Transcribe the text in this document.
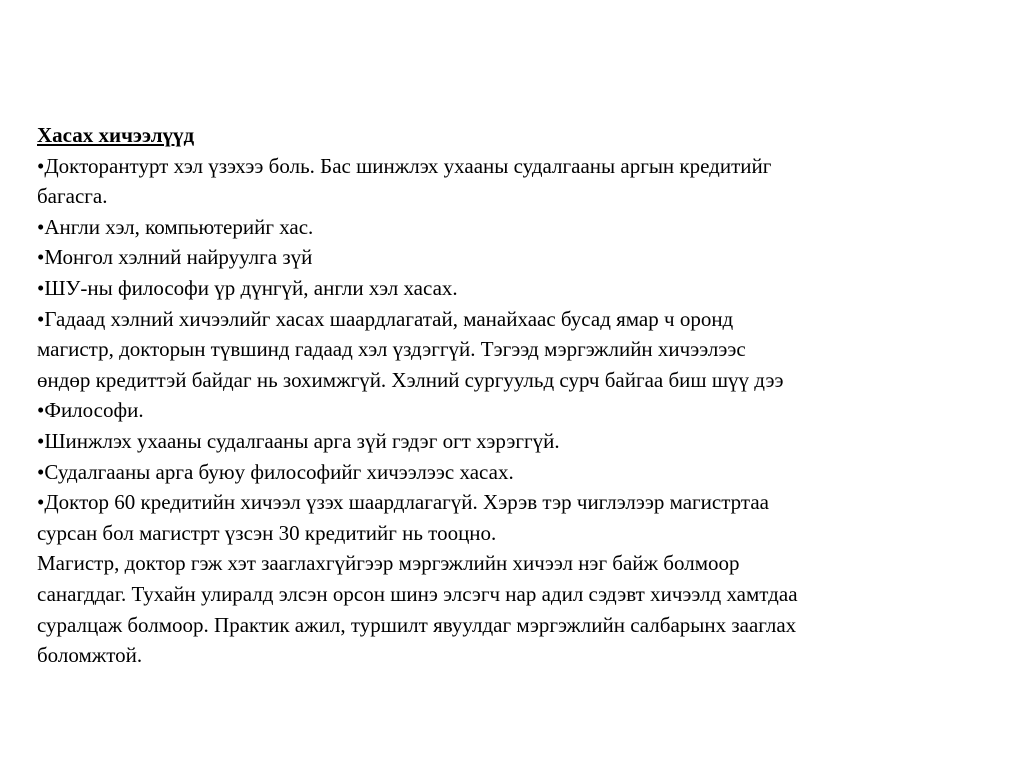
Хасах хичээлүүд
•Докторантурт хэл үзэхээ боль. Бас шинжлэх ухааны судалгааны аргын кредитийг
багасга.
•Англи хэл, компьютерийг хас.
•Монгол хэлний найруулга зүй
•ШУ-ны философи үр дүнгүй, англи хэл хасах.
•Гадаад хэлний хичээлийг хасах шаардлагатай, манайхаас бусад ямар ч оронд
магистр, докторын түвшинд гадаад хэл үздэггүй. Тэгээд мэргэжлийн хичээлээс
өндөр кредиттэй байдаг нь зохимжгүй. Хэлний сургуульд сурч байгаа биш шүү дээ
•Философи.
•Шинжлэх ухааны судалгааны арга зүй гэдэг огт хэрэггүй.
•Судалгааны арга буюу философийг хичээлээс хасах.
•Доктор 60 кредитийн хичээл үзэх шаардлагагүй. Хэрэв тэр чиглэлээр магистртаа
сурсан бол магистрт үзсэн 30 кредитийг нь тооцно.
Магистр, доктор гэж хэт зааглахгүйгээр мэргэжлийн хичээл нэг байж болмоор
санагддаг. Тухайн улиралд элсэн орсон шинэ элсэгч нар адил сэдэвт хичээлд хамтдаа
суралцаж болмоор. Практик ажил, туршилт явуулдаг мэргэжлийн салбарынх зааглах
боломжтой.
